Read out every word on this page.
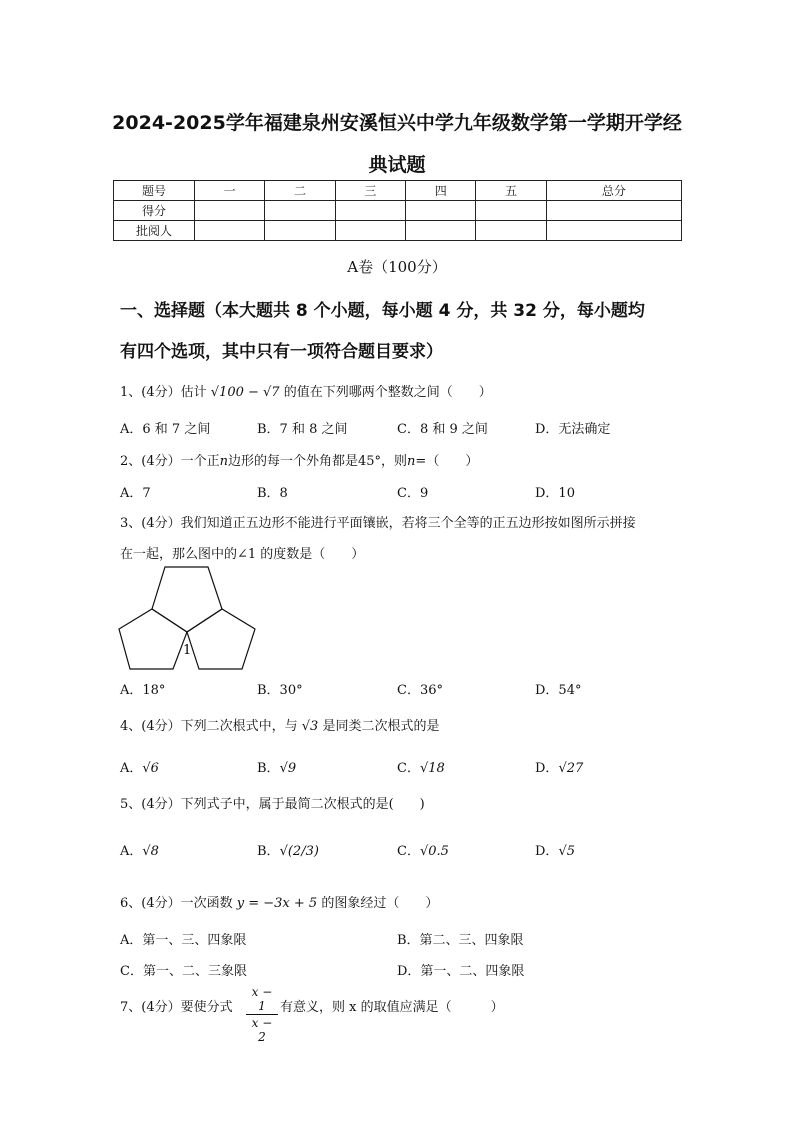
2024-2025学年福建泉州安溪恒兴中学九年级数学第一学期开学经
典试题
题号	一	二	三	四	五	总分
得分						
批阅人						
A卷（100分）
一、选择题（本大题共 8 个小题，每小题 4 分，共 32 分，每小题均
有四个选项，其中只有一项符合题目要求）
1、(4分）估计 √100 − √7 的值在下列哪两个整数之间（　　）
A．6 和 7 之间	B．7 和 8 之间	C．8 和 9 之间	D．无法确定
2、(4分）一个正n边形的每一个外角都是45°，则n=（　　）
A．7	B．8	C．9	D．10
3、(4分）我们知道正五边形不能进行平面镶嵌，若将三个全等的正五边形按如图所示拼接
在一起，那么图中的∠1 的度数是（　　）
1
A．18°	B．30°	C．36°	D．54°
4、(4分）下列二次根式中，与 √3 是同类二次根式的是
A．√6	B．√9	C．√18	D．√27
5、(4分）下列式子中，属于最简二次根式的是(　　)
A．√8	B．√(2/3)	C．√0.5	D．√5
6、(4分）一次函数 y = −3x + 5 的图象经过（　　）
A．第一、三、四象限	B．第二、三、四象限
C．第一、二、三象限	D．第一、二、四象限
7、(4分）要使分式
x − 1
x − 2
有意义，则 x 的取值应满足（　　　）
